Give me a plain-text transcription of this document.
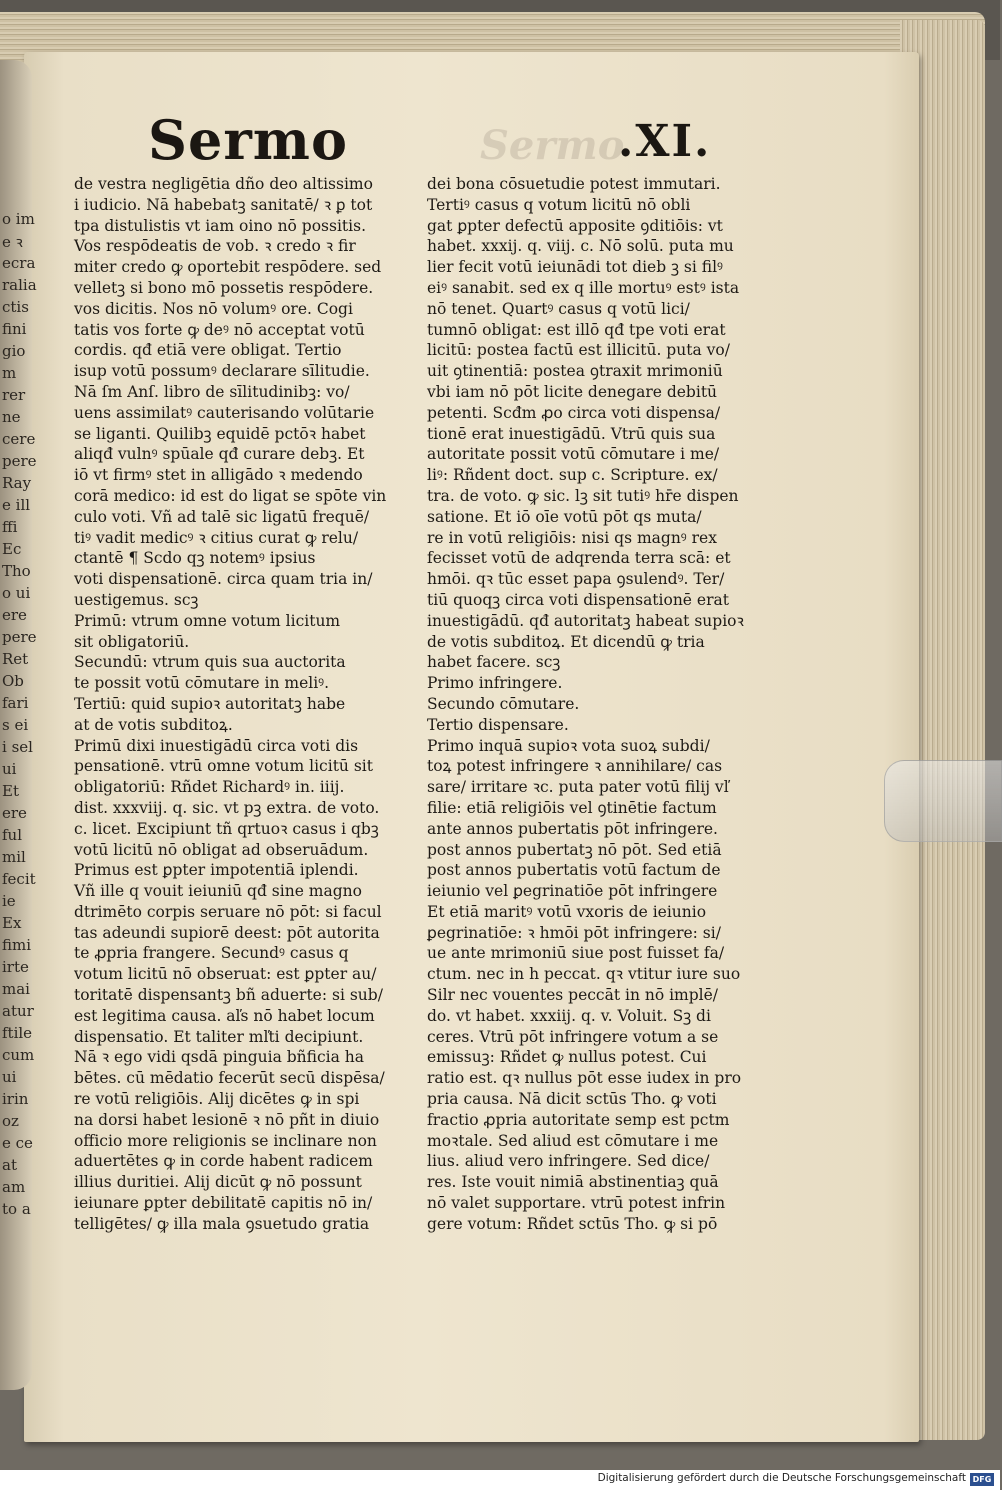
o im
e ꝛ
ecra
ralia
ctis
fini
gio
m
rer
ne
cere
pere
Ray
e ill
ffi
Ec
Tho
o ui
ere
pere
Ret
Ob
fari
s ei
i sel
ui
Et
ere
ful
mil
fecit
ie
Ex
fimi
irte
mai
atur
ftile
cum
ui
irin
oz
e ce
at
am
to a
Sermo
Sermo	.XI.
de vestra negligētia dño deo altissimo
i iudicio. Nā habebatꝫ sanitatē/ ꝛ ꝑ tot
tpa distulistis vt iam oino nō possitis.
Vos respōdeatis de vob. ꝛ credo ꝛ fir
miter credo ꝙ oportebit respōdere. sed
velletꝫ si bono mō possetis respōdere.
vos dicitis. Nos nō volumꝰ ore. Cogi
tatis vos forte ꝙ deꝰ nō acceptat votū
cordis. qđ etiā vere obligat. Tertio
isup votū possumꝰ declarare sīlitudie.
Nā ſm Anſ. libro de sīlitudinibꝫ: vo/
uens assimilatꝰ cauterisando volūtarie
se liganti. Quilibꝫ equidē pctōꝛ habet
aliqđ vulnꝰ spūale qđ curare debꝫ. Et
iō vt firmꝰ stet in alligādo ꝛ medendo
corā medico: id est do ligat se spōte vin
culo voti. Vñ ad talē sic ligatū frequē/
tiꝰ vadit medicꝰ ꝛ citius curat ꝙ relu/
ctantē ¶ Scdo qꝫ notemꝰ ipsius
voti dispensationē. circa quam tria in/
uestigemus. scꝫ
Primū: vtrum omne votum licitum
sit obligatoriū.
Secundū: vtrum quis sua auctorita
te possit votū cōmutare in meliꝰ.
Tertiū: quid supioꝛ autoritatꝫ habe
at de votis subditoꝝ.
Primū dixi inuestigādū circa voti dis
pensationē. vtrū omne votum licitū sit
obligatoriū: Rñdet Richardꝰ in. iiij.
dist. xxxviij. q. sic. vt pꝫ extra. de voto.
c. licet. Excipiunt tñ qrtuoꝛ casus i qbꝫ
votū licitū nō obligat ad obseruādum.
Primus est ꝑpter impotentiā iplendi.
Vñ ille q vouit ieiuniū qđ sine magno
dtrimēto corpis seruare nō pōt: si facul
tas adeundi supiorē deest: pōt autorita
te ꝓpria frangere. Secundꝰ casus q
votum licitū nō obseruat: est ꝑpter au/
toritatē dispensantꝫ bñ aduerte: si sub/
est legitima causa. aľs nō habet locum
dispensatio. Et taliter mľti decipiunt.
Nā ꝛ ego vidi qsdā pinguia bñficia ha
bētes. cū mēdatio fecerūt secū dispēsa/
re votū religiōis. Alij dicētes ꝙ in spi
na dorsi habet lesionē ꝛ nō pñt in diuio
officio more religionis se inclinare non
aduertētes ꝙ in corde habent radicem
illius duritiei. Alij dicūt ꝙ nō possunt
ieiunare ꝑpter debilitatē capitis nō in/
telligētes/ ꝙ illa mala ꝯsuetudo gratia
dei bona cōsuetudie potest immutari.
Tertiꝰ casus q votum licitū nō obli
gat ꝑpter defectū apposite ꝯditiōis: vt
habet. xxxij. q. viij. c. Nō solū. puta mu
lier fecit votū ieiunādi tot dieb ꝫ si filꝰ
eiꝰ sanabit. sed ex q ille mortuꝰ estꝰ ista
nō tenet. Quartꝰ casus q votū lici/
tumnō obligat: est illō qđ tpe voti erat
licitū: postea factū est illicitū. puta vo/
uit ꝯtinentiā: postea ꝯtraxit mrimoniū
vbi iam nō pōt licite denegare debitū
petenti. Scđm ꝓo circa voti dispensa/
tionē erat inuestigādū. Vtrū quis sua
autoritate possit votū cōmutare i me/
liꝰ: Rñdent doct. sup c. Scripture. ex/
tra. de voto. ꝙ sic. lꝫ sit tutiꝰ hr̄e dispen
satione. Et iō oīe votū pōt qs muta/
re in votū religiōis: nisi qs magnꝰ rex
fecisset votū de adqrenda terra scā: et
hmōi. qꝛ tūc esset papa ꝯsulendꝰ. Ter/
tiū quoqꝫ circa voti dispensationē erat
inuestigādū. qđ autoritatꝫ habeat supioꝛ
de votis subditoꝝ. Et dicendū ꝙ tria
habet facere. scꝫ
Primo infringere.
Secundo cōmutare.
Tertio dispensare.
Primo inquā supioꝛ vota suoꝝ subdi/
toꝝ potest infringere ꝛ annihilare/ cas
sare/ irritare ꝛc. puta pater votū filij vľ
filie: etiā religiōis vel ꝯtinētie factum
ante annos pubertatis pōt infringere.
post annos pubertatꝫ nō pōt. Sed etiā
post annos pubertatis votū factum de
ieiunio vel ꝑegrinatiōe pōt infringere
Et etiā maritꝰ votū vxoris de ieiunio
ꝑegrinatiōe: ꝛ hmōi pōt infringere: si/
ue ante mrimoniū siue post fuisset fa/
ctum. nec in h peccat. qꝛ vtitur iure suo
Silr nec vouentes peccāt in nō implē/
do. vt habet. xxxiij. q. v. Voluit. Sꝫ di
ceres. Vtrū pōt infringere votum a se
emissuꝫ: Rñdet ꝙ nullus potest. Cui
ratio est. qꝛ nullus pōt esse iudex in pro
pria causa. Nā dicit sctūs Tho. ꝙ voti
fractio ꝓpria autoritate semp est pctm
moꝛtale. Sed aliud est cōmutare i me
lius. aliud vero infringere. Sed dice/
res. Iste vouit nimiā abstinentiaꝫ quā
nō valet supportare. vtrū potest infrin
gere votum: Rñdet sctūs Tho. ꝙ si pō
Digitalisierung gefördert durch die Deutsche Forschungsgemeinschaft DFG
